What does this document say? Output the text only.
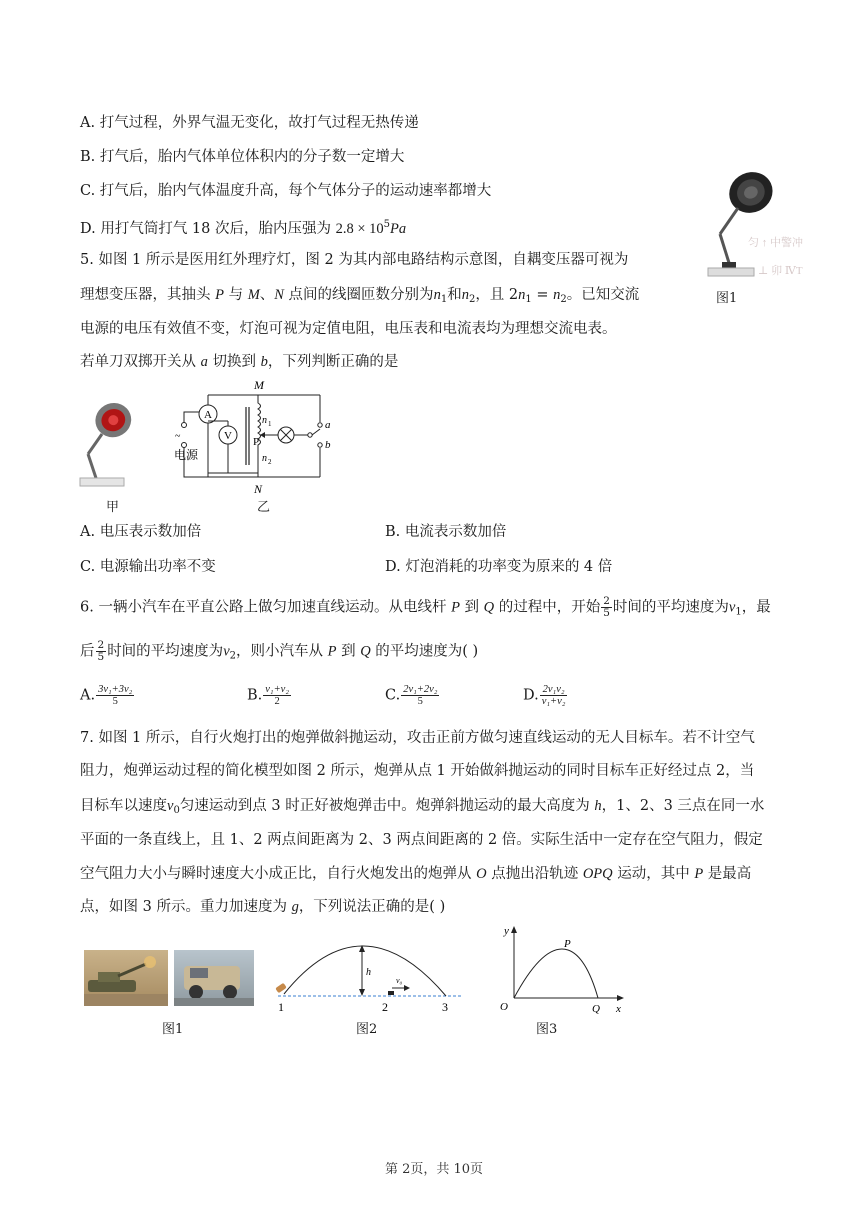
A. 打气过程，外界气温无变化，故打气过程无热传递
B. 打气后，胎内气体单位体积内的分子数一定增大
C. 打气后，胎内气体温度升高，每个气体分子的运动速率都增大
D. 用打气筒打气 18 次后，胎内压强为 $2.8 \times 10^5Pa$
匀 ↑ 中警冲
⊥ 卯 ⅣT
图1
5. 如图 1 所示是医用红外理疗灯，图 2 为其内部电路结构示意图，自耦变压器可视为
理想变压器，其抽头 P 与 M、N 点间的线圈匝数分别为$n_1$和$n_2$，且 $2n_1 = n_2$。已知交流
电源的电压有效值不变，灯泡可视为定值电阻，电压表和电流表均为理想交流电表。
若单刀双掷开关从 a 切换到 b，下列判断正确的是
甲
~
电源
A
V
M
N
n 1
n 2
P
a
b
乙
A. 电压表示数加倍	B. 电流表示数加倍
C. 电源输出功率不变	D. 灯泡消耗的功率变为原来的 4 倍
6. 一辆小汽车在平直公路上做匀加速直线运动。从电线杆 P 到 Q 的过程中，开始 $\frac{2}{5}$ 时间的平均速度为$v_1$，最
后 $\frac{2}{5}$ 时间的平均速度为$v_2$，则小汽车从 P 到 Q 的平均速度为( )
A. $\frac{\text{3v₁+3v₂}}{5}$	B. $\frac{\text{v₁+v₂}}{2}$	C. $\frac{\text{2v₁+2v₂}}{5}$	D. $\frac{\text{2v₁v₂}}{\text{v₁+v₂}}$
7. 如图 1 所示，自行火炮打出的炮弹做斜抛运动，攻击正前方做匀速直线运动的无人目标车。若不计空气
阻力，炮弹运动过程的简化模型如图 2 所示，炮弹从点 1 开始做斜抛运动的同时目标车正好经过点 2，当
目标车以速度$v_0$匀速运动到点 3 时正好被炮弹击中。炮弹斜抛运动的最大高度为 h，1、2、3 三点在同一水
平面的一条直线上，且 1、2 两点间距离为 2、3 两点间距离的 2 倍。实际生活中一定存在空气阻力，假定
空气阻力大小与瞬时速度大小成正比，自行火炮发出的炮弹从 O 点抛出沿轨迹 OPQ 运动，其中 P 是最高
点，如图 3 所示。重力加速度为 g，下列说法正确的是( )
图1
h
v₀
1	2	3
图2
y
x
O
P
Q
图3
第 2页，共 10页
